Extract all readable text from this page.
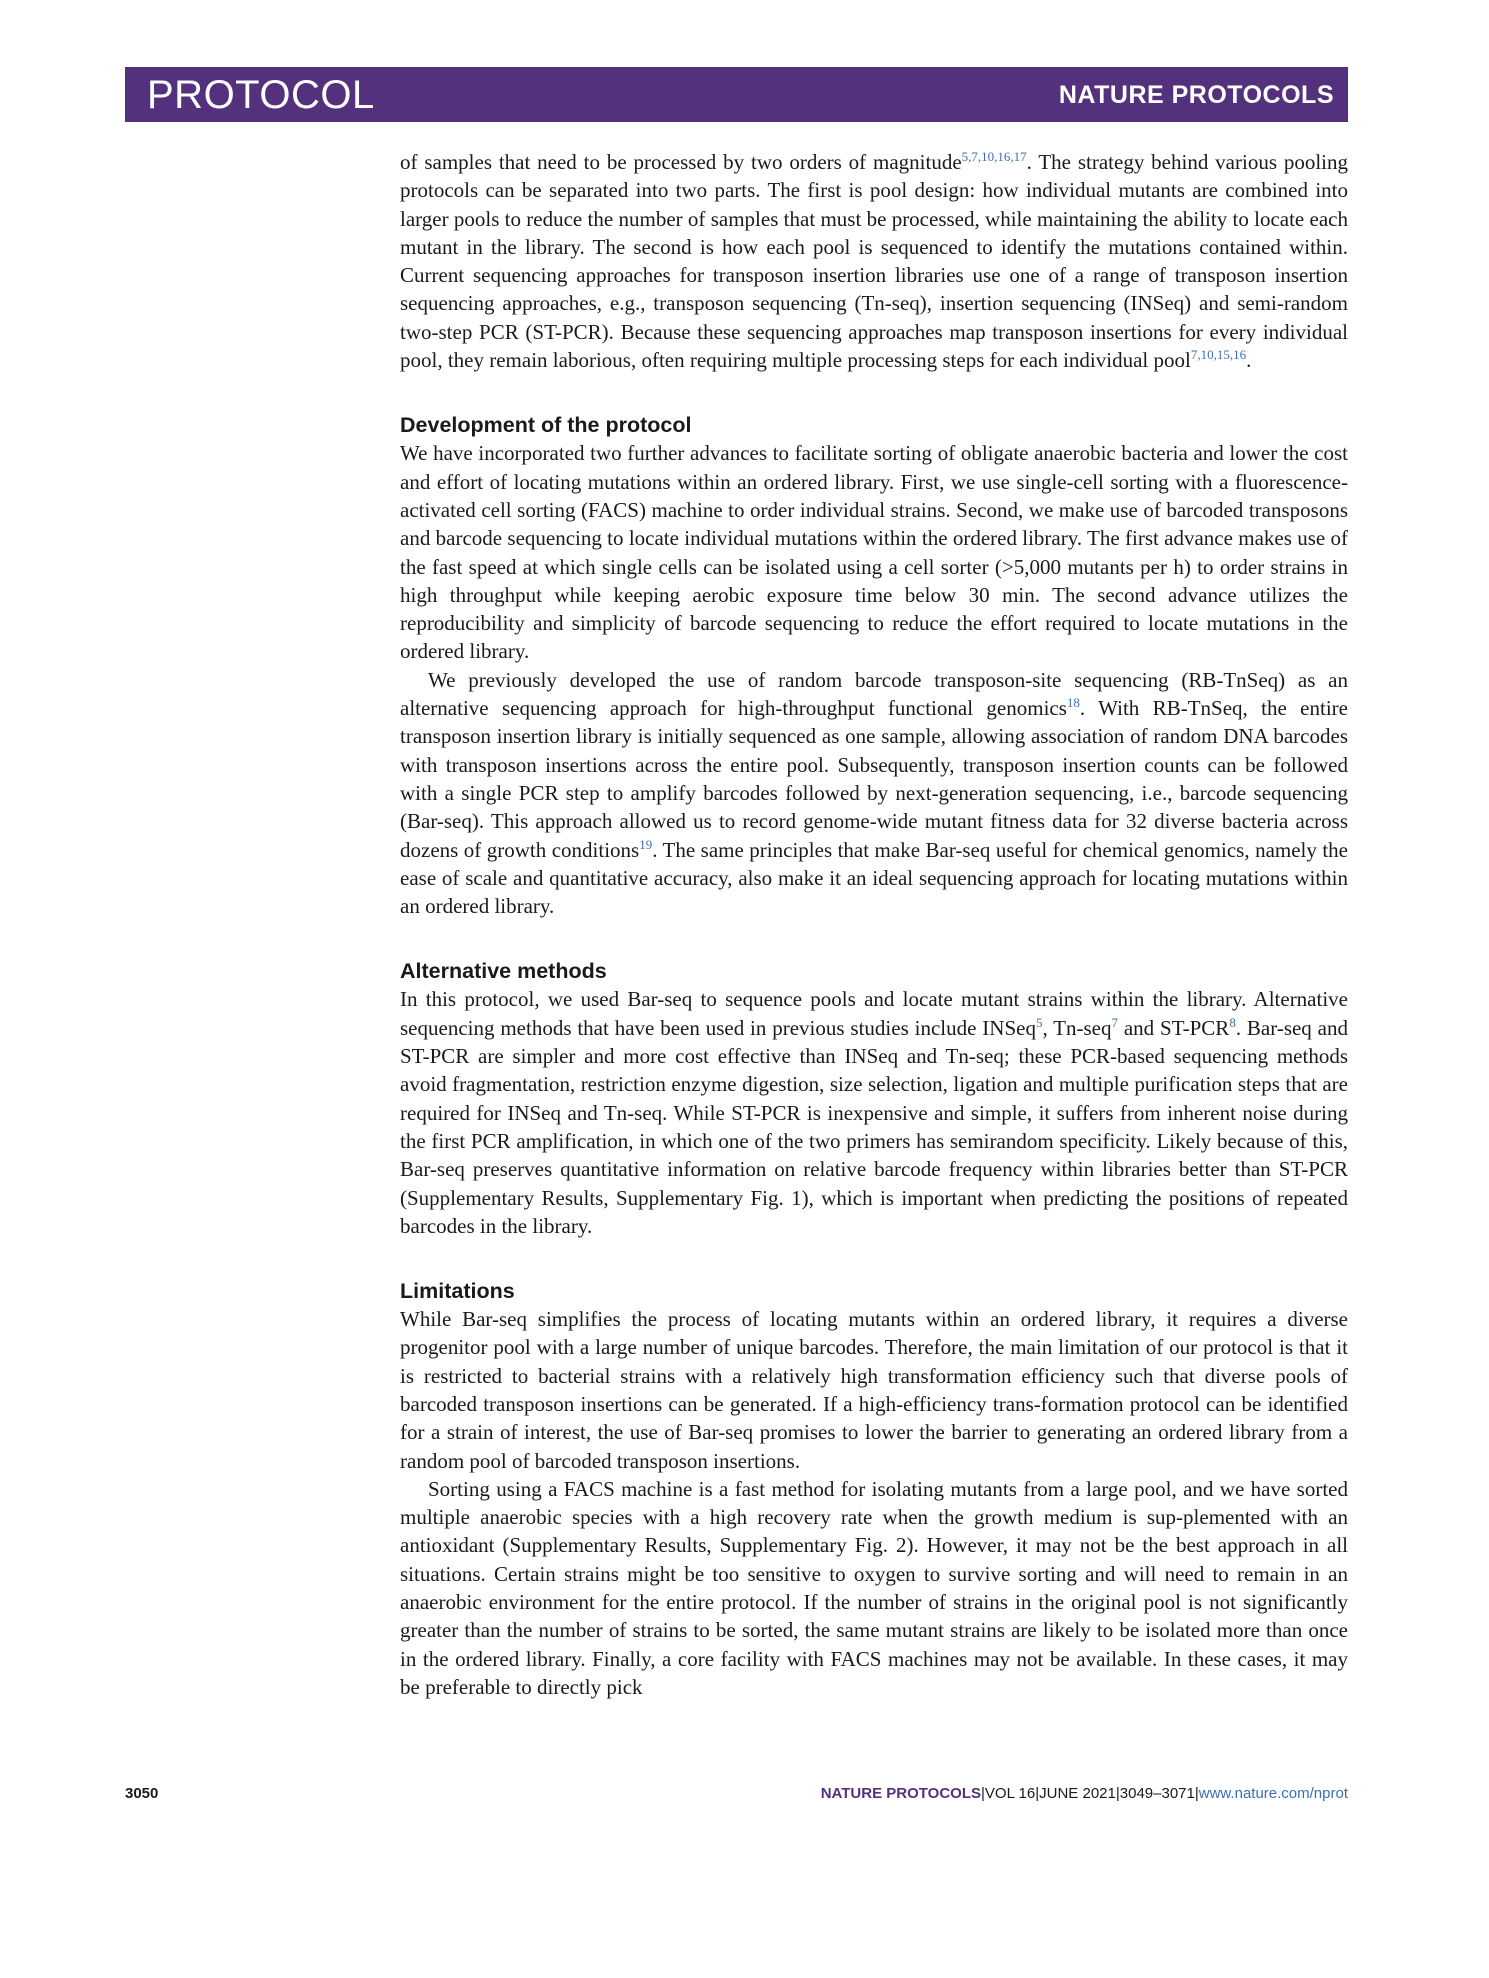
PROTOCOL	NATURE PROTOCOLS

of samples that need to be processed by two orders of magnitude$^{5,7,10,16,17}$. The strategy behind various pooling protocols can be separated into two parts. The first is pool design: how individual mutants are combined into larger pools to reduce the number of samples that must be processed, while maintaining the ability to locate each mutant in the library. The second is how each pool is sequenced to identify the mutations contained within. Current sequencing approaches for transposon insertion libraries use one of a range of transposon insertion sequencing approaches, e.g., transposon sequencing (Tn-seq), insertion sequencing (INSeq) and semi-random two-step PCR (ST-PCR). Because these sequencing approaches map transposon insertions for every individual pool, they remain laborious, often requiring multiple processing steps for each individual pool$^{7,10,15,16}$.

Development of the protocol

We have incorporated two further advances to facilitate sorting of obligate anaerobic bacteria and lower the cost and effort of locating mutations within an ordered library. First, we use single-cell sorting with a fluorescence-activated cell sorting (FACS) machine to order individual strains. Second, we make use of barcoded transposons and barcode sequencing to locate individual mutations within the ordered library. The first advance makes use of the fast speed at which single cells can be isolated using a cell sorter (>5,000 mutants per h) to order strains in high throughput while keeping aerobic exposure time below 30 min. The second advance utilizes the reproducibility and simplicity of barcode sequencing to reduce the effort required to locate mutations in the ordered library.

We previously developed the use of random barcode transposon-site sequencing (RB-TnSeq) as an alternative sequencing approach for high-throughput functional genomics$^{18}$. With RB-TnSeq, the entire transposon insertion library is initially sequenced as one sample, allowing association of random DNA barcodes with transposon insertions across the entire pool. Subsequently, transposon insertion counts can be followed with a single PCR step to amplify barcodes followed by next-generation sequencing, i.e., barcode sequencing (Bar-seq). This approach allowed us to record genome-wide mutant fitness data for 32 diverse bacteria across dozens of growth conditions$^{19}$. The same principles that make Bar-seq useful for chemical genomics, namely the ease of scale and quantitative accuracy, also make it an ideal sequencing approach for locating mutations within an ordered library.

Alternative methods

In this protocol, we used Bar-seq to sequence pools and locate mutant strains within the library. Alternative sequencing methods that have been used in previous studies include INSeq$^5$, Tn-seq$^7$ and ST-PCR$^8$. Bar-seq and ST-PCR are simpler and more cost effective than INSeq and Tn-seq; these PCR-based sequencing methods avoid fragmentation, restriction enzyme digestion, size selection, ligation and multiple purification steps that are required for INSeq and Tn-seq. While ST-PCR is inexpensive and simple, it suffers from inherent noise during the first PCR amplification, in which one of the two primers has semirandom specificity. Likely because of this, Bar-seq preserves quantitative information on relative barcode frequency within libraries better than ST-PCR (Supplementary Results, Supplementary Fig. 1), which is important when predicting the positions of repeated barcodes in the library.

Limitations

While Bar-seq simplifies the process of locating mutants within an ordered library, it requires a diverse progenitor pool with a large number of unique barcodes. Therefore, the main limitation of our protocol is that it is restricted to bacterial strains with a relatively high transformation efficiency such that diverse pools of barcoded transposon insertions can be generated. If a high-efficiency trans-formation protocol can be identified for a strain of interest, the use of Bar-seq promises to lower the barrier to generating an ordered library from a random pool of barcoded transposon insertions.

Sorting using a FACS machine is a fast method for isolating mutants from a large pool, and we have sorted multiple anaerobic species with a high recovery rate when the growth medium is sup-plemented with an antioxidant (Supplementary Results, Supplementary Fig. 2). However, it may not be the best approach in all situations. Certain strains might be too sensitive to oxygen to survive sorting and will need to remain in an anaerobic environment for the entire protocol. If the number of strains in the original pool is not significantly greater than the number of strains to be sorted, the same mutant strains are likely to be isolated more than once in the ordered library. Finally, a core facility with FACS machines may not be available. In these cases, it may be preferable to directly pick

3050	NATURE PROTOCOLS|VOL 16|JUNE 2021|3049–3071|www.nature.com/nprot
